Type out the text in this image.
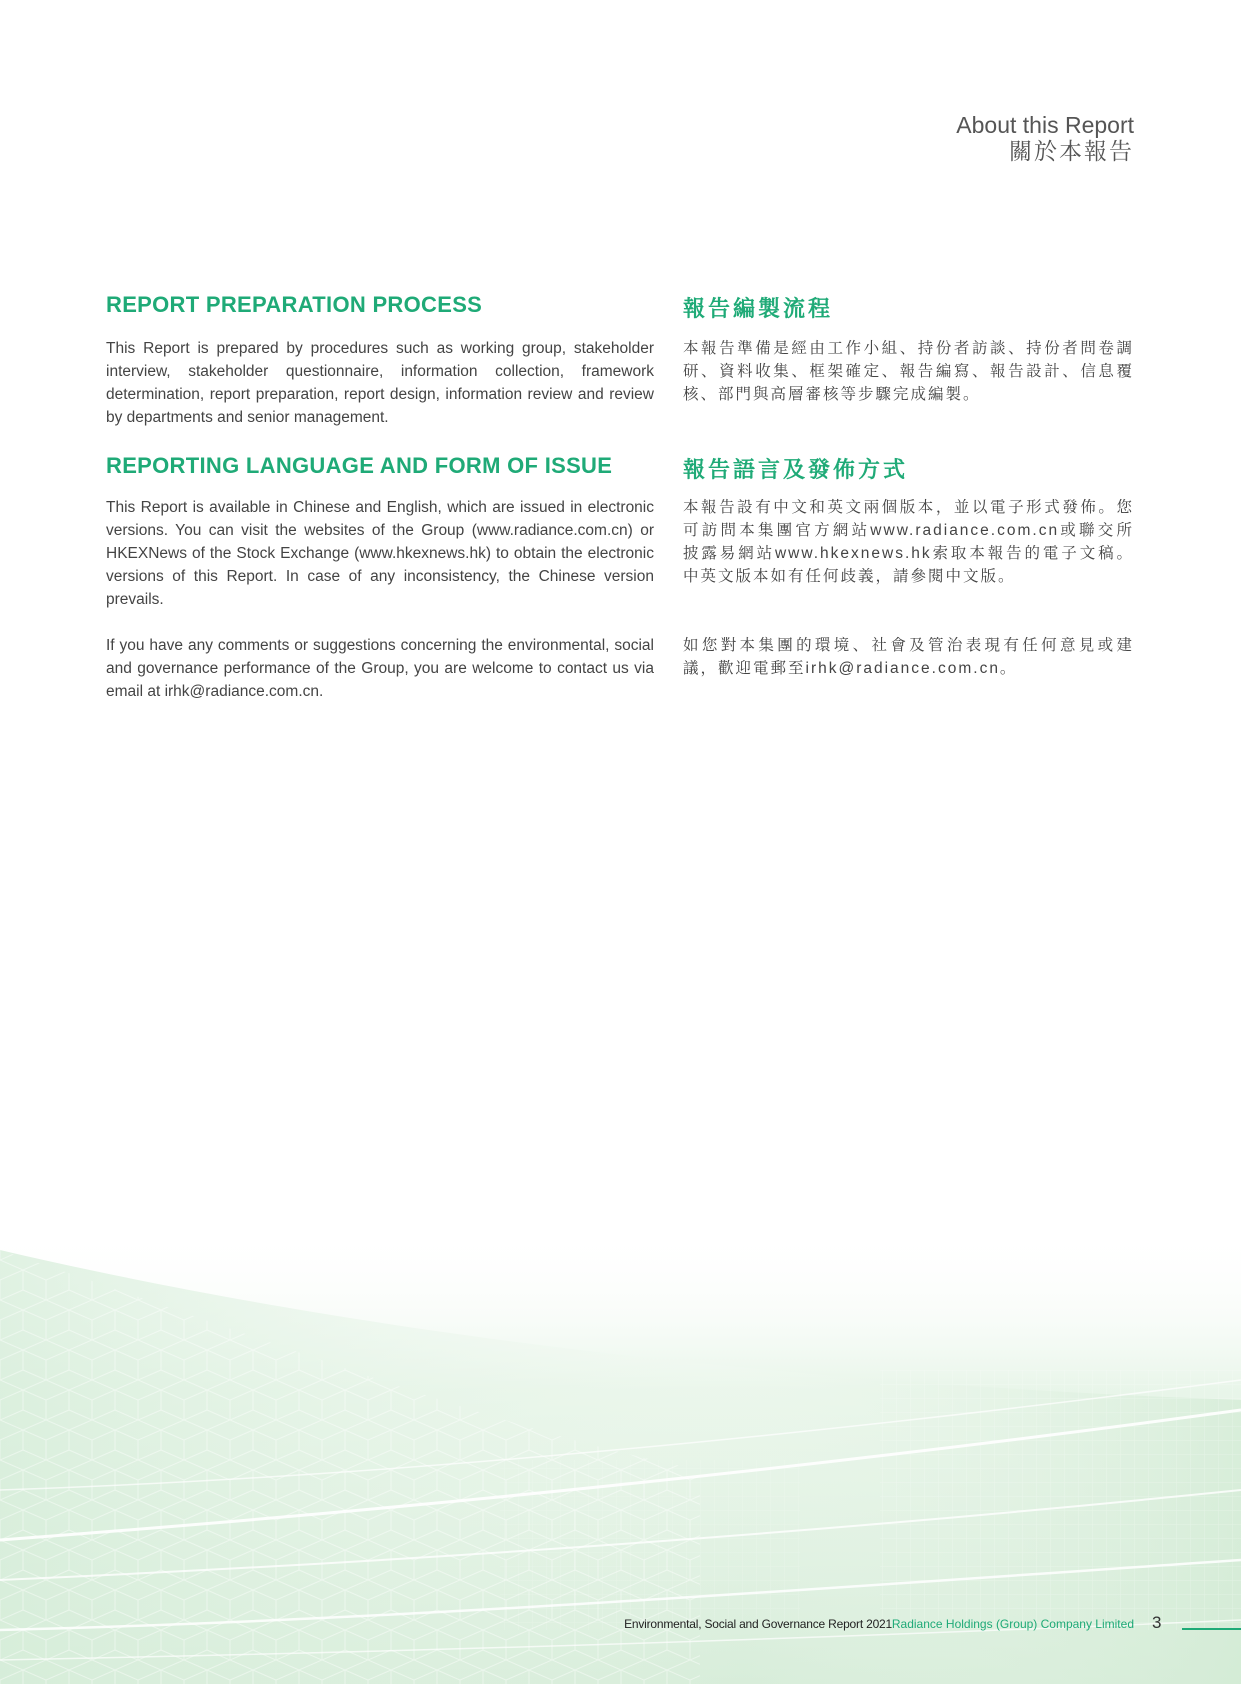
About this Report
關於本報告
REPORT PREPARATION PROCESS

This Report is prepared by procedures such as working group, stakeholder interview, stakeholder questionnaire, information collection, framework determination, report preparation, report design, information review and review by departments and senior management.

REPORTING LANGUAGE AND FORM OF ISSUE

This Report is available in Chinese and English, which are issued in electronic versions. You can visit the websites of the Group (www.radiance.com.cn) or HKEXNews of the Stock Exchange (www.hkexnews.hk) to obtain the electronic versions of this Report. In case of any inconsistency, the Chinese version prevails.

If you have any comments or suggestions concerning the environmental, social and governance performance of the Group, you are welcome to contact us via email at irhk@radiance.com.cn.

報告編製流程

本報告準備是經由工作小組、持份者訪談、持份者問卷調研、資料收集、框架確定、報告編寫、報告設計、信息覆核、部門與高層審核等步驟完成編製。

報告語言及發佈方式

本報告設有中文和英文兩個版本，並以電子形式發佈。您可訪問本集團官方網站www.radiance.com.cn或聯交所披露易網站www.hkexnews.hk索取本報告的電子文稿。中英文版本如有任何歧義，請參閱中文版。

如您對本集團的環境、社會及管治表現有任何意見或建議，歡迎電郵至irhk@radiance.com.cn。

Environmental, Social and Governance Report 2021 Radiance Holdings (Group) Company Limited 3
